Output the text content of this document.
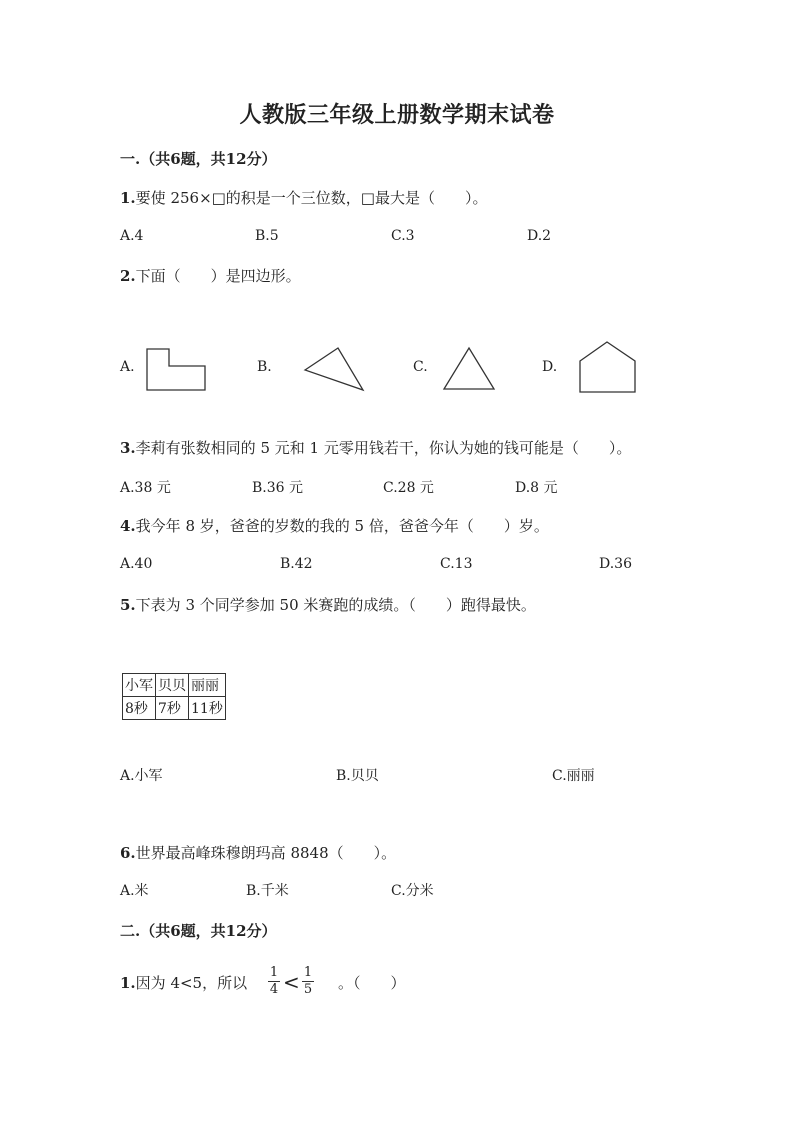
人教版三年级上册数学期末试卷
一.（共6题，共12分）
1.要使 256×□的积是一个三位数，□最大是（　　）。
A.4	B.5	C.3	D.2
2.下面（　　）是四边形。
A.	B.	C.	D.
3.李莉有张数相同的 5 元和 1 元零用钱若干，你认为她的钱可能是（　　）。
A.38 元	B.36 元	C.28 元	D.8 元
4.我今年 8 岁，爸爸的岁数的我的 5 倍，爸爸今年（　　）岁。
A.40	B.42	C.13	D.36
5.下表为 3 个同学参加 50 米赛跑的成绩。（　　）跑得最快。
小军	贝贝	丽丽
8秒	7秒	11秒
A.小军	B.贝贝	C.丽丽
6.世界最高峰珠穆朗玛高 8848（　　）。
A.米	B.千米	C.分米
二.（共6题，共12分）
1.因为 4<5，所以
1
4 < 1
5 。（　　）
